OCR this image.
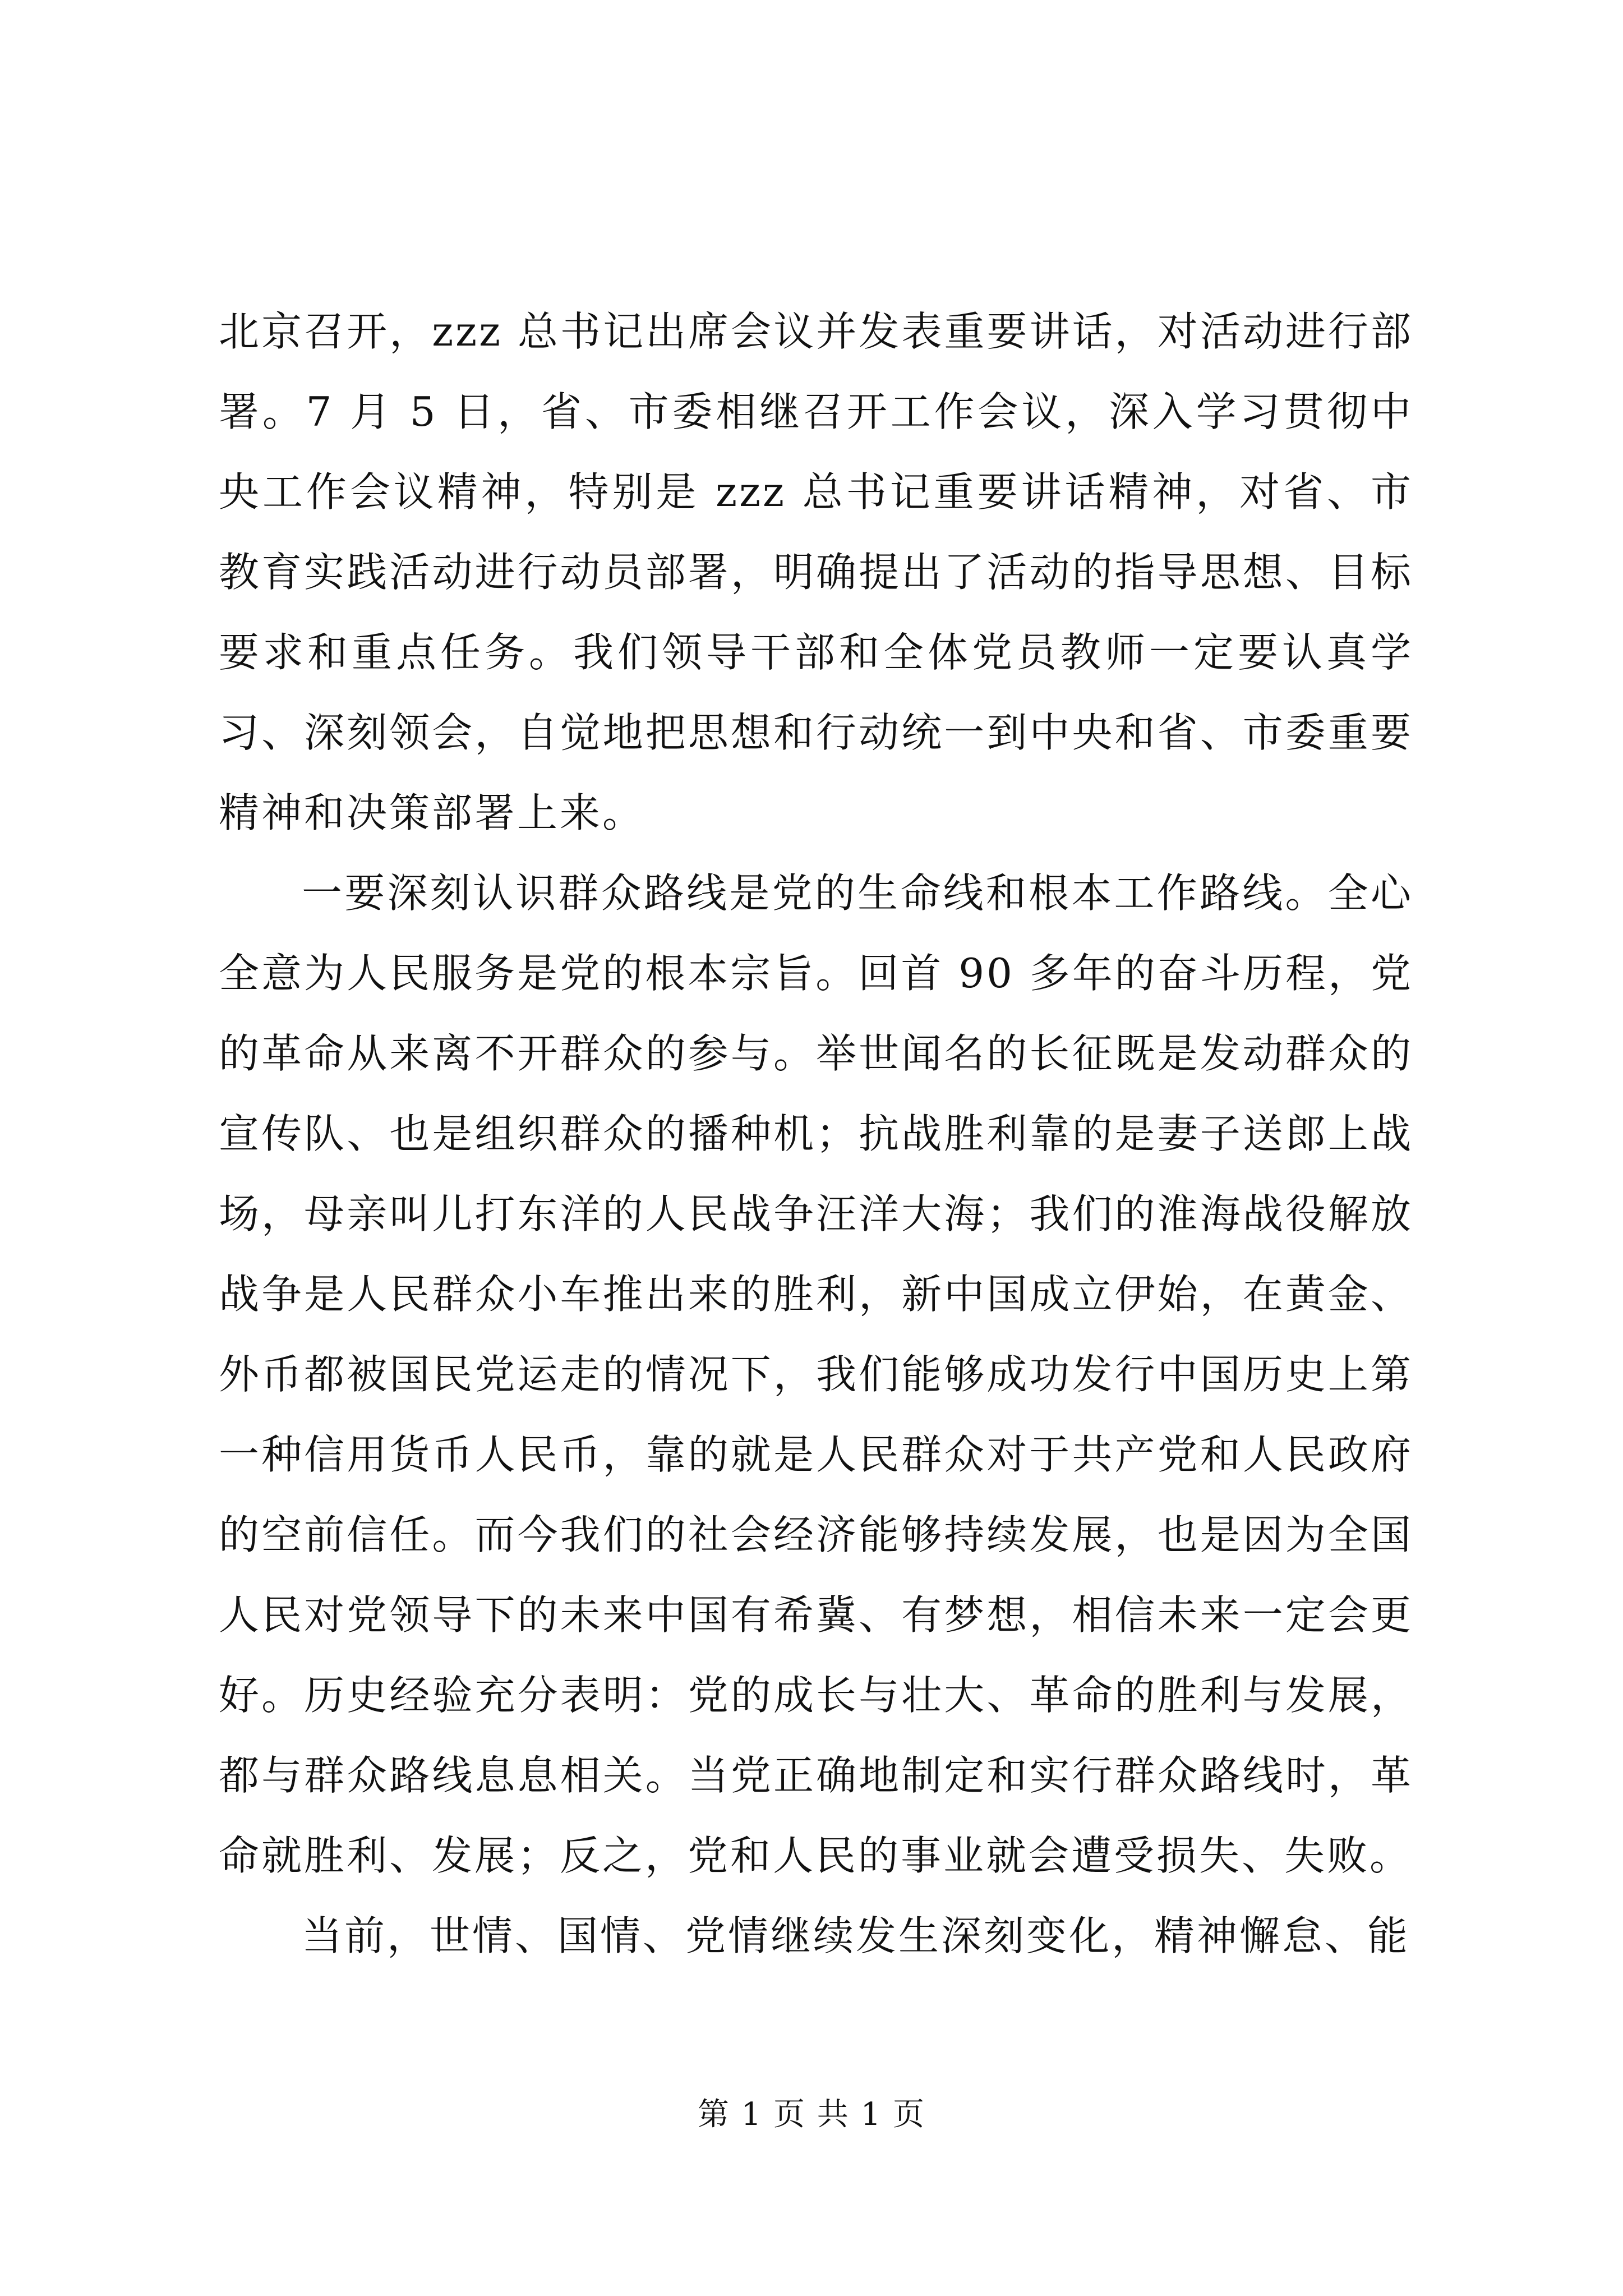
北京召开，zzz 总书记出席会议并发表重要讲话，对活动进行部署。7 月 5 日，省、市委相继召开工作会议，深入学习贯彻中央工作会议精神，特别是 zzz 总书记重要讲话精神，对省、市教育实践活动进行动员部署，明确提出了活动的指导思想、目标要求和重点任务。我们领导干部和全体党员教师一定要认真学习、深刻领会，自觉地把思想和行动统一到中央和省、市委重要精神和决策部署上来。

一要深刻认识群众路线是党的生命线和根本工作路线。全心全意为人民服务是党的根本宗旨。回首 90 多年的奋斗历程，党的革命从来离不开群众的参与。举世闻名的长征既是发动群众的宣传队、也是组织群众的播种机；抗战胜利靠的是妻子送郎上战场，母亲叫儿打东洋的人民战争汪洋大海；我们的淮海战役解放战争是人民群众小车推出来的胜利，新中国成立伊始，在黄金、外币都被国民党运走的情况下，我们能够成功发行中国历史上第一种信用货币人民币，靠的就是人民群众对于共产党和人民政府的空前信任。而今我们的社会经济能够持续发展，也是因为全国人民对党领导下的未来中国有希冀、有梦想，相信未来一定会更好。历史经验充分表明：党的成长与壮大、革命的胜利与发展，都与群众路线息息相关。当党正确地制定和实行群众路线时，革命就胜利、发展；反之，党和人民的事业就会遭受损失、失败。

当前，世情、国情、党情继续发生深刻变化，精神懈怠、能

第 1 页 共 1 页
